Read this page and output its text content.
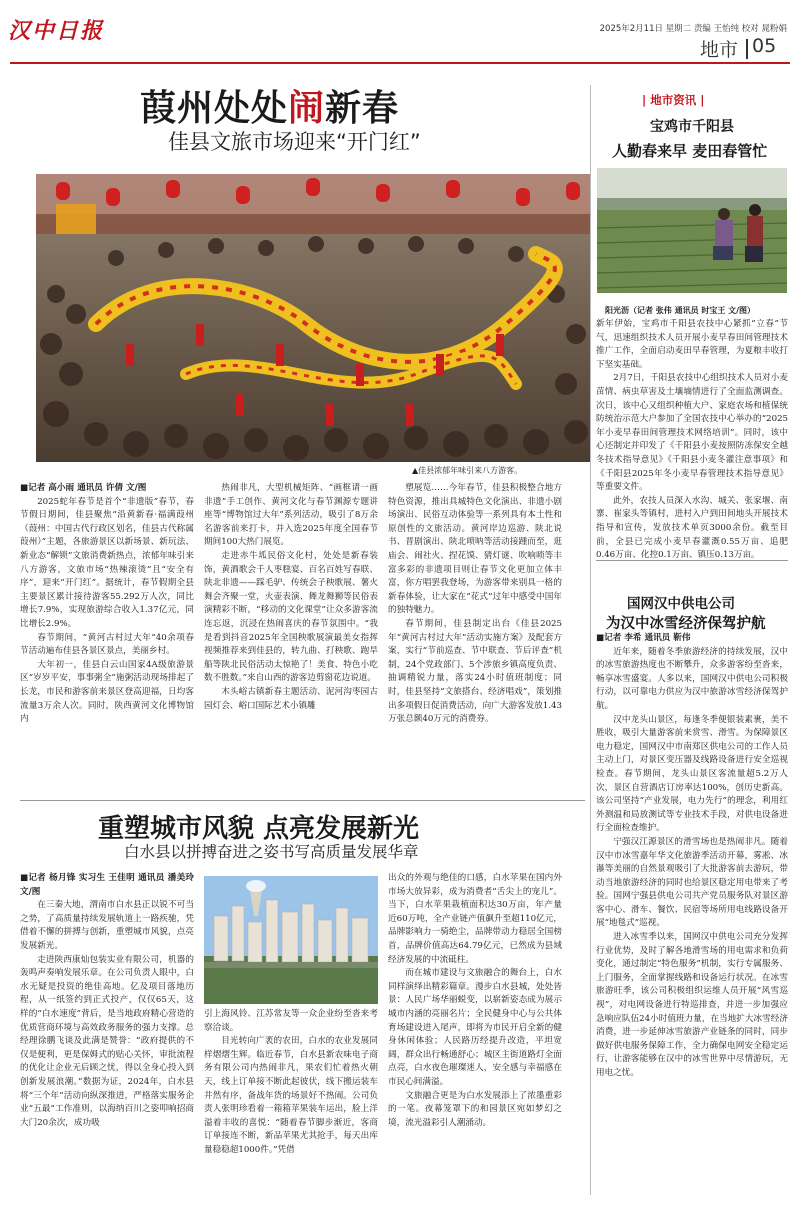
汉中日报	2025年2月11日 星期二 责编 王怡纯 校对 晁粉娟
地市 05
葭州处处闹新春
佳县文旅市场迎来“开门红”
▲佳县浓郁年味引来八方游客。

■记者 高小雨 通讯员 许倩 文/图

2025蛇年春节是首个“非遗版”春节，春节假日期间，佳县聚焦“沿黄新春·福满葭州（葭州：中国古代行政区划名，佳县古代称属葭州）”主题，各旅游景区以新场景、新玩法、新业态“解锁”文旅消费新热点，浓郁年味引来八方游客，文旅市场“热辣滚烫”且“安全有序”，迎来“开门红”。据统计，春节假期全县主要景区累计接待游客55.292万人次，同比增长7.9%，实现旅游综合收入1.37亿元，同比增长2.9%。

春节期间，“黄河古村过大年”40余项春节活动遍布佳县各景区景点，美丽乡村。

大年初一，佳县白云山国家4A级旅游景区“岁岁平安，事事粥全”施粥活动现场排起了长龙，市民和游客前来景区登高迎福，日均客流量3万余人次。同时，陕西黄河文化博物馆内

热闹非凡，大型机械矩阵、“画框请一画非遗”手工创作、黄河文化与春节渊源专题讲座等“博物馆过大年”系列活动，吸引了8万余名游客前来打卡，并入选2025年度全国春节期间100大热门展览。

走进赤牛坬民俗文化村，处处是新春装饰，黄酒歌会千人枣糕宴、百名百姓写春联、陕北非遗——踩毛驴、传统会子秧歌展、薯火舞会齐聚一堂，火壶表演、舞龙舞狮等民俗表演精彩不断，“移动的文化课堂”让众多游客流连忘返，沉浸在热闹喜庆的春节氛围中。“我是看到抖音2025年全国秧歌展演最美女指挥视频推荐来到佳县的，转九曲、打秧歌、跑旱船等陕北民俗活动太惊艳了！美食、特色小吃数不胜数。”来自山西的游客边剪窗花边说道。

木头峪古镇新春主题活动、泥河沟枣园古园灯会、峪口国际艺术小镇雕

塑展览……今年春节，佳县积极整合地方特色资源，推出具城特色文化演出、非遗小剧场演出、民俗互动体验等一系列具有本土性和原创性的文旅活动。黄河岸边巡游、陕北说书、晋剧演出、陕北唢呐等活动接踵而至，逛庙会、闹社火、捏花馍、猜灯谜、吹响唢等丰富多彩的非遗项目则让春节文化更加立体丰富，你方唱罢我登场，为游客带来别具一格的新春体验，让大家在“花式”过年中感受中国年的独特魅力。

春节期间，佳县制定出台《佳县2025年“黄河古村过大年”活动实施方案》及配套方案，实行“节前巡查、节中联查、节后评查”机制，24个党政部门、5个涉旅乡镇高度负责、抽调精锐力量，落实24小时值班制度；同时，佳县坚持“文旅搭台、经济唱戏”，策划推出多项假日促消费活动，向广大游客发放1.43万张总额40万元的消费券。

| 地市资讯 |
宝鸡市千阳县
人勤春来早 麦田春管忙
阳光沥（记者 张伟 通讯员 时宝王 文/图）

新年伊始，宝鸡市千阳县农技中心紧抓“立春”节气，迅速组织技术人员开展小麦早春田间管理技术推广工作，全面启动麦田早春管理，为夏粮丰收打下坚实基础。

2月7日，千阳县农技中心组织技术人员对小麦苗情、病虫草害及土壤墒情进行了全面监测调查。次日，该中心又组织种植大户、家庭农场和植保统防统治示范大户参加了全国农技中心举办的“2025年小麦早春田间管理技术网络培训”。同时，该中心还制定并印发了《千阳县小麦按照防冻保安全越冬技术指导意见》《千阳县小麦冬灌注意事项》和《千阳县2025年冬小麦早春管理技术指导意见》等重要文件。

此外，农技人员深入水沟、城关、张家堰、南寨、崔家头等镇村，进村入户到田间地头开展技术指导和宣传，发放技术单页3000余份。截至目前，全县已完成小麦早春灌溉0.55万亩、追肥0.46万亩、化控0.1万亩、镇压0.13万亩。

国网汉中供电公司
为汉中冰雪经济保驾护航

■记者 李希 通讯员 靳伟

近年来，随着冬季旅游经济的持续发展，汉中的冰雪旅游热度也不断攀升，众多游客纷至沓来，畅享冰雪盛宴。人多以来，国网汉中供电公司积极行动，以可靠电力供应为汉中旅游冰雪经济保驾护航。

汉中龙头山景区，每逢冬季便银装素裹，美不胜收，吸引大量游客前来赏雪、滑雪。为保障景区电力稳定，国网汉中市南郑区供电公司的工作人员主动上门，对景区变压器及线路设备进行安全巡视检查。春节期间，龙头山景区客流量超5.2万人次，景区自营酒店订房率达100%，创历史新高。该公司坚持“产业发展，电力先行”的理念，利用红外测温和局放测试等专业技术手段，对供电设备进行全面检查维护。

宁强汉江源景区的滑雪场也是热闹非凡。随着汉中市冰雪嘉年华文化旅游季活动开幕，雾凇、冰瀑等美丽的自然景观吸引了大批游客前去游玩，带动当地旅游经济的同时也给景区稳定用电带来了考验。国网宁强县供电公司共产党员服务队对景区游客中心、滑车、餐饮、民宿等场所用电线路设备开展“地毯式”巡视。

进入冰雪季以来，国网汉中供电公司充分发挥行业优势，及时了解各地滑雪场的用电需求和负荷变化，通过制定“特色服务”机制，实行专属服务、上门服务，全面掌握线路和设备运行状况。在冰雪旅游旺季，该公司积极组织运维人员开展“风雪巡视”，对电网设备进行特巡排查，并进一步加强应急响应队伍24小时值班力量，在当地扩大冰雪经济消费，进一步延伸冰雪旅游产业链条的同时，同步做好供电服务保障工作，全力确保电网安全稳定运行，让游客能够在汉中的冰雪世界中尽情游玩，无用电之忧。

重塑城市风貌 点亮发展新光
白水县以拼搏奋进之姿书写高质量发展华章

■记者 杨月锋 实习生 王佳明 通讯员 潘美玲 文/图

在三秦大地，渭南市白水县正以锐不可当之势，了高质量持续发展轨道上一路疾驰，凭借着不懈的拼搏与创新，重塑城市风貌，点亮发展新光。

走进陕西康灿包装实业有限公司，机器的轰鸣声奏响发展乐章。在公司负责人眼中，白水无疑是投资的绝佳高地。亿及项目落地历程，从一纸签约到正式投产，仅仅65天，这样的“白水速度”背后，是当地政府精心营造的优质营商环境与高效政务服务的强力支撑。总经理徐鹏飞谈及此满是赞誉：“政府提供的不仅是便利，更是保姆式的贴心关怀，审批流程的优化让企业无后顾之忧，得以全身心投入到创新发展浪潮。”数据为证，2024年，白水县将“三个年”活动向纵深推进，严格落实服务企业“五最”工作准则，以海纳百川之姿叩响招商大门20余次，成功吸

引上海风铃、江苏常友等一众企业纷至沓来考察洽谈。

目光转向广袤的农田，白水的农业发展同样熠熠生辉。临近春节，白水县新农味电子商务有限公司内热闹非凡，果农们忙着热火朝天，线上订单接不断此起彼伏，线下搬运装车井然有序，备战年货的场景好不热闹。公司负责人张明珍看着一箱箱苹果装车运出，脸上洋溢着丰收的喜悦：“随着春节脚步渐近，客商订单接连不断，新品苹果尤其抢手，每天出库量稳稳超1000件。”凭借

出众的外观与绝佳的口感，白水苹果在国内外市场大放异彩，成为消费者“舌尖上的宠儿”。当下，白水苹果栽植面积达30万亩，年产量近60万吨，全产业链产值飙升至超110亿元，品牌影响力一骑绝尘，品牌带动力稳居全国榜首，品牌价值高达64.79亿元，已然成为县域经济发展的中流砥柱。

而在城市建设与文旅融合的舞台上，白水同样演绎出精彩篇章。漫步白水县城，处处皆景：人民广场华丽蜕变，以崭新姿态成为展示城市内涵的亮丽名片；全民健身中心与公共体育场建设进入尾声，即将为市民开启全新的健身休闲体验；人民路历经提升改造，平坦宽阔，群众出行畅通舒心；城区主街道路灯全面点亮，白水夜色璀璨迷人，安全感与幸福感在市民心间满溢。

文旅融合更是为白水发展添上了浓墨重彩的一笔。夜幕笼罩下的和园景区宛如梦幻之境，流光溢彩引人潮涌动。
